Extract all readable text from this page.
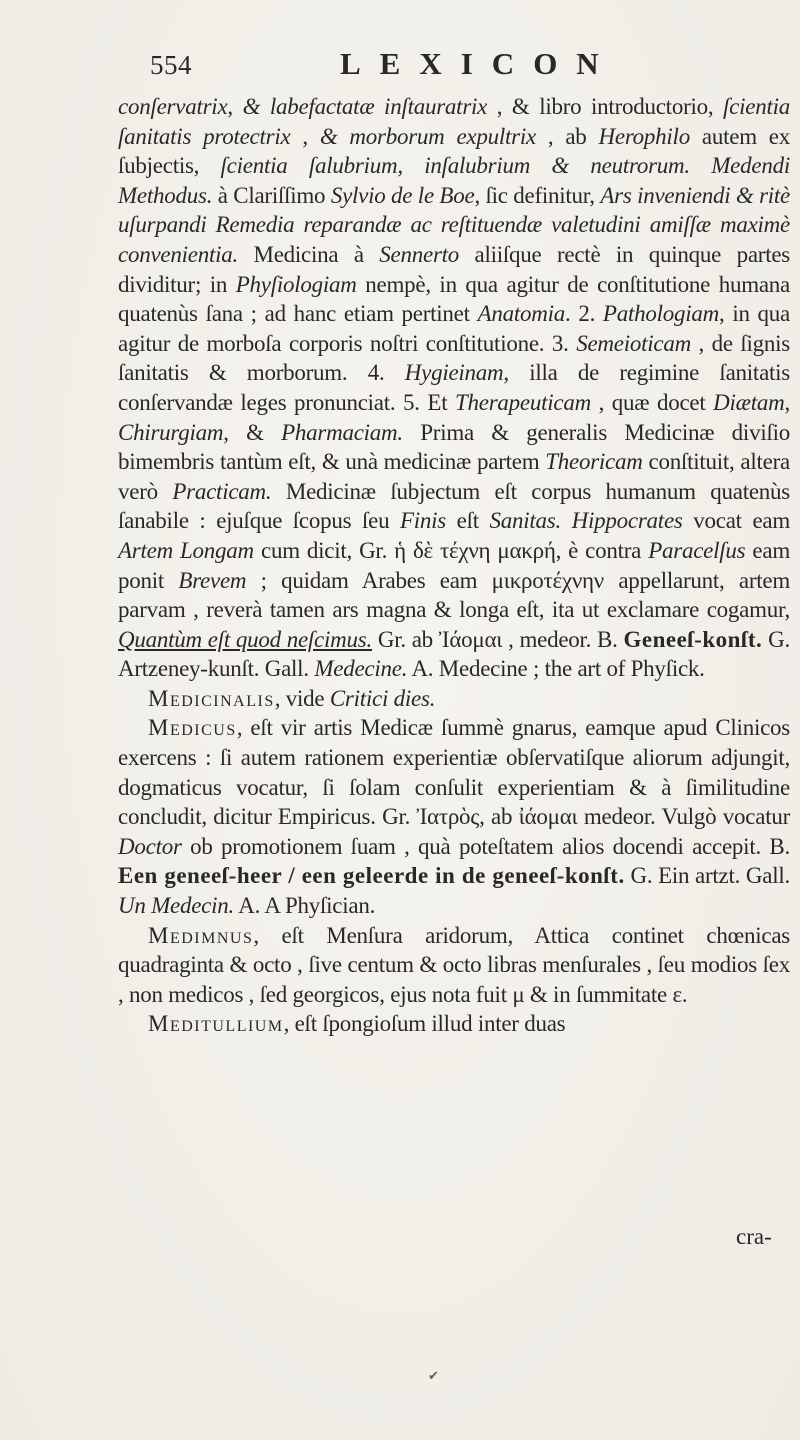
554	LEXICON

conſervatrix, & labefactatæ inſtauratrix , & libro introductorio, ſcientia ſanitatis protectrix , & morborum expultrix , ab Herophilo autem ex ſubjectis, ſcientia ſalubrium, inſalubrium & neutrorum. Medendi Methodus. à Clariſſimo Sylvio de le Boe, ſic definitur, Ars inveniendi & ritè uſurpandi Remedia reparandæ ac reſtituendæ valetudini amiſſæ maximè convenientia. Medicina à Sennerto aliiſque rectè in quinque partes dividitur; in Phyſiologiam nempè, in qua agitur de conſtitutione humana quatenùs ſana ; ad hanc etiam pertinet Anatomia. 2. Pathologiam, in qua agitur de morboſa corporis noſtri conſtitutione. 3. Semeioticam , de ſignis ſanitatis & morborum. 4. Hygieinam, illa de regimine ſanitatis conſervandæ leges pronunciat. 5. Et Therapeuticam , quæ docet Diætam, Chirurgiam, & Pharmaciam. Prima & generalis Medicinæ diviſio bimembris tantùm eſt, & unà medicinæ partem Theoricam conſtituit, altera verò Practicam. Medicinæ ſubjectum eſt corpus humanum quatenùs ſanabile : ejuſque ſcopus ſeu Finis eſt Sanitas. Hippocrates vocat eam Artem Longam cum dicit, Gr. ἡ δὲ τέχνη μακρή, è contra Paracelſus eam ponit Brevem ; quidam Arabes eam μικροτέχνην appellarunt, artem parvam , reverà tamen ars magna & longa eſt, ita ut exclamare cogamur, Quantùm eſt quod neſcimus. Gr. ab Ἰάομαι , medeor. B. Geneeſ-konſt. G. Artzeney-kunſt. Gall. Medecine. A. Medecine ; the art of Phyſick.

Medicinalis, vide Critici dies.

Medicus, eſt vir artis Medicæ ſummè gnarus, eamque apud Clinicos exercens : ſi autem rationem experientiæ obſervatiſque aliorum adjungit, dogmaticus vocatur, ſi ſolam conſulit experientiam & à ſimilitudine concludit, dicitur Empiricus. Gr. Ἰατρὸς, ab ἰάομαι medeor. Vulgò vocatur Doctor ob promotionem ſuam , quà poteſtatem alios docendi accepit. B. Een geneeſ-heer / een geleerde in de geneeſ-konſt. G. Ein artzt. Gall. Un Medecin. A. A Phyſician.

Medimnus, eſt Menſura aridorum, Attica continet chœnicas quadraginta & octo , ſive centum & octo libras menſurales , ſeu modios ſex , non medicos , ſed georgicos, ejus nota fuit μ & in ſummitate ε.

Meditullium, eſt ſpongioſum illud inter duas

cra-
✔
